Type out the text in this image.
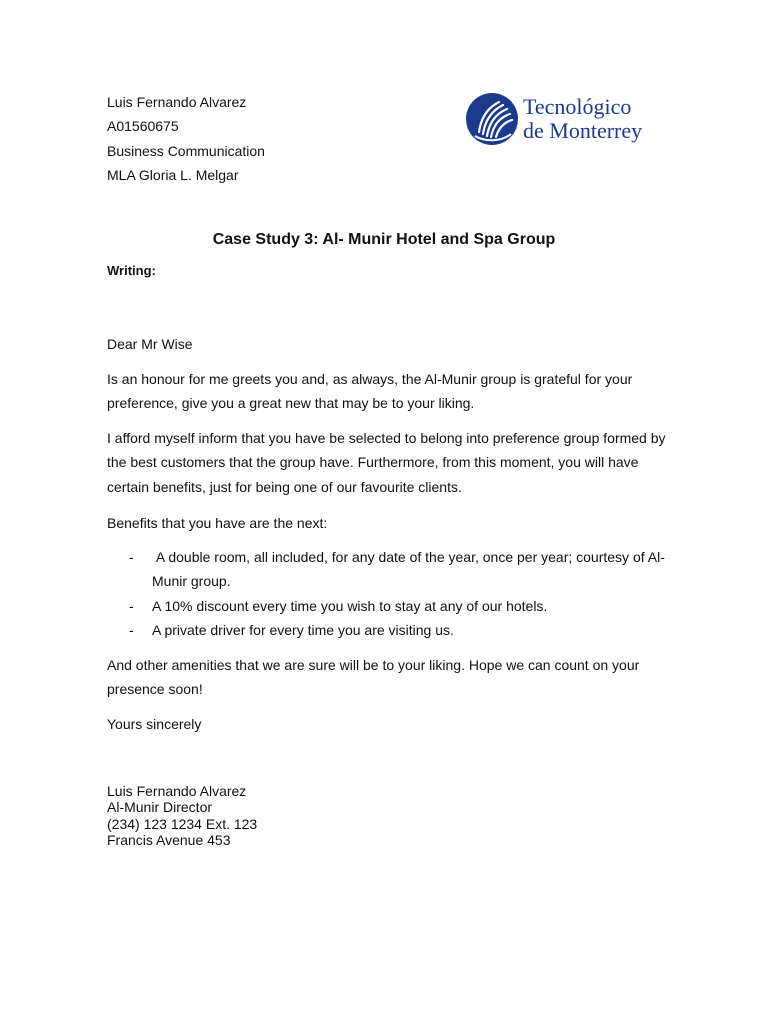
Luis Fernando Alvarez
A01560675
Business Communication
MLA Gloria L. Melgar
Tecnológico
de Monterrey
Case Study 3: Al- Munir Hotel and Spa Group
Writing:
Dear Mr Wise
Is an honour for me greets you and, as always, the Al-Munir group is grateful for your preference, give you a great new that may be to your liking.
I afford myself inform that you have be selected to belong into preference group formed by the best customers that the group have. Furthermore, from this moment, you will have certain benefits, just for being one of our favourite clients.
Benefits that you have are the next:
- A double room, all included, for any date of the year, once per year; courtesy of Al-Munir group.
- A 10% discount every time you wish to stay at any of our hotels.
- A private driver for every time you are visiting us.
And other amenities that we are sure will be to your liking. Hope we can count on your presence soon!
Yours sincerely
Luis Fernando Alvarez
Al-Munir Director
(234) 123 1234 Ext. 123
Francis Avenue 453
